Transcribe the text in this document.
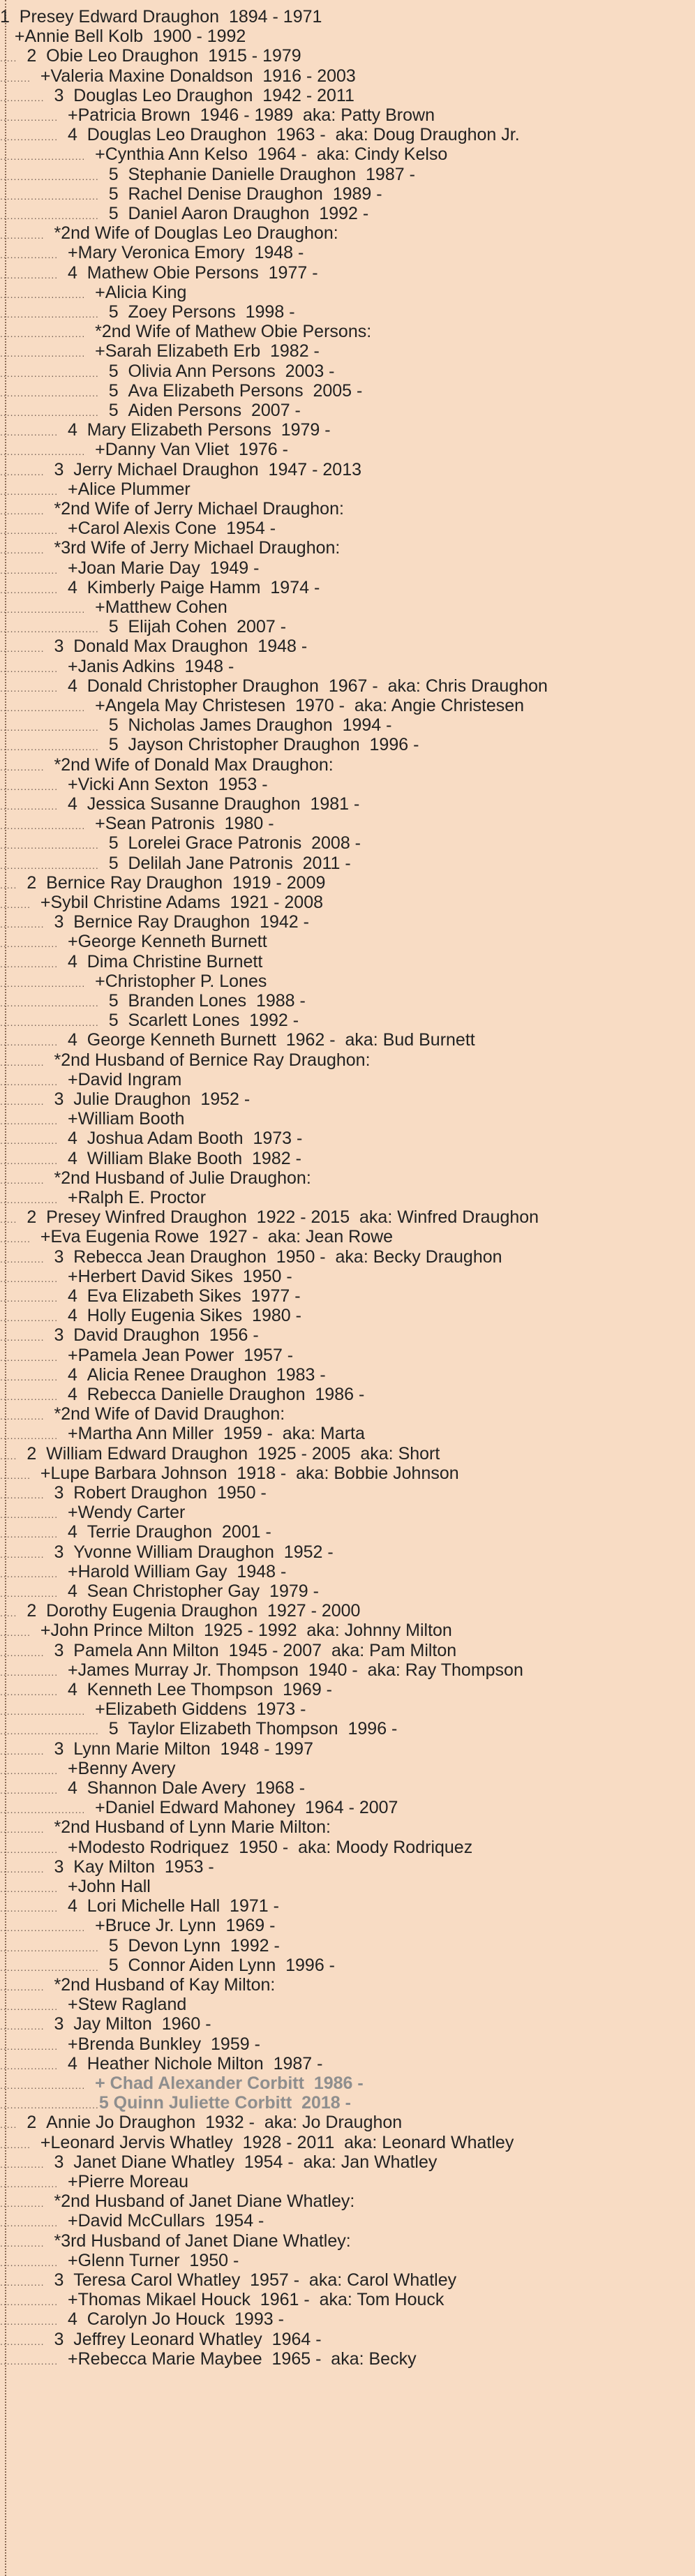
1  Presey Edward Draughon  1894 - 1971
+Annie Bell Kolb  1900 - 1992
.....  2  Obie Leo Draughon  1915 - 1979
.........  +Valeria Maxine Donaldson  1916 - 2003
.............  3  Douglas Leo Draughon  1942 - 2011
.................  +Patricia Brown  1946 - 1989  aka: Patty Brown
.................  4  Douglas Leo Draughon  1963 -  aka: Doug Draughon Jr.
.........................  +Cynthia Ann Kelso  1964 -  aka: Cindy Kelso
.............................  5  Stephanie Danielle Draughon  1987 -
.............................  5  Rachel Denise Draughon  1989 -
.............................  5  Daniel Aaron Draughon  1992 -
.............  *2nd Wife of Douglas Leo Draughon:
.................  +Mary Veronica Emory  1948 -
.................  4  Mathew Obie Persons  1977 -
.........................  +Alicia King
.............................  5  Zoey Persons  1998 -
.........................  *2nd Wife of Mathew Obie Persons:
.........................  +Sarah Elizabeth Erb  1982 -
.............................  5  Olivia Ann Persons  2003 -
.............................  5  Ava Elizabeth Persons  2005 -
.............................  5  Aiden Persons  2007 -
.................  4  Mary Elizabeth Persons  1979 -
.........................  +Danny Van Vliet  1976 -
.............  3  Jerry Michael Draughon  1947 - 2013
.................  +Alice Plummer
.............  *2nd Wife of Jerry Michael Draughon:
.................  +Carol Alexis Cone  1954 -
.............  *3rd Wife of Jerry Michael Draughon:
.................  +Joan Marie Day  1949 -
.................  4  Kimberly Paige Hamm  1974 -
.........................  +Matthew Cohen
.............................  5  Elijah Cohen  2007 -
.............  3  Donald Max Draughon  1948 -
.................  +Janis Adkins  1948 -
.................  4  Donald Christopher Draughon  1967 -  aka: Chris Draughon
.........................  +Angela May Christesen  1970 -  aka: Angie Christesen
.............................  5  Nicholas James Draughon  1994 -
.............................  5  Jayson Christopher Draughon  1996 -
.............  *2nd Wife of Donald Max Draughon:
.................  +Vicki Ann Sexton  1953 -
.................  4  Jessica Susanne Draughon  1981 -
.........................  +Sean Patronis  1980 -
.............................  5  Lorelei Grace Patronis  2008 -
.............................  5  Delilah Jane Patronis  2011 -
.....  2  Bernice Ray Draughon  1919 - 2009
.........  +Sybil Christine Adams  1921 - 2008
.............  3  Bernice Ray Draughon  1942 -
.................  +George Kenneth Burnett
.................  4  Dima Christine Burnett
.........................  +Christopher P. Lones
.............................  5  Branden Lones  1988 -
.............................  5  Scarlett Lones  1992 -
.................  4  George Kenneth Burnett  1962 -  aka: Bud Burnett
.............  *2nd Husband of Bernice Ray Draughon:
.................  +David Ingram
.............  3  Julie Draughon  1952 -
.................  +William Booth
.................  4  Joshua Adam Booth  1973 -
.................  4  William Blake Booth  1982 -
.............  *2nd Husband of Julie Draughon:
.................  +Ralph E. Proctor
.....  2  Presey Winfred Draughon  1922 - 2015  aka: Winfred Draughon
.........  +Eva Eugenia Rowe  1927 -  aka: Jean Rowe
.............  3  Rebecca Jean Draughon  1950 -  aka: Becky Draughon
.................  +Herbert David Sikes  1950 -
.................  4  Eva Elizabeth Sikes  1977 -
.................  4  Holly Eugenia Sikes  1980 -
.............  3  David Draughon  1956 -
.................  +Pamela Jean Power  1957 -
.................  4  Alicia Renee Draughon  1983 -
.................  4  Rebecca Danielle Draughon  1986 -
.............  *2nd Wife of David Draughon:
.................  +Martha Ann Miller  1959 -  aka: Marta
.....  2  William Edward Draughon  1925 - 2005  aka: Short
.........  +Lupe Barbara Johnson  1918 -  aka: Bobbie Johnson
.............  3  Robert Draughon  1950 -
.................  +Wendy Carter
.................  4  Terrie Draughon  2001 -
.............  3  Yvonne William Draughon  1952 -
.................  +Harold William Gay  1948 -
.................  4  Sean Christopher Gay  1979 -
.....  2  Dorothy Eugenia Draughon  1927 - 2000
.........  +John Prince Milton  1925 - 1992  aka: Johnny Milton
.............  3  Pamela Ann Milton  1945 - 2007  aka: Pam Milton
.................  +James Murray Jr. Thompson  1940 -  aka: Ray Thompson
.................  4  Kenneth Lee Thompson  1969 -
.........................  +Elizabeth Giddens  1973 -
.............................  5  Taylor Elizabeth Thompson  1996 -
.............  3  Lynn Marie Milton  1948 - 1997
.................  +Benny Avery
.................  4  Shannon Dale Avery  1968 -
.........................  +Daniel Edward Mahoney  1964 - 2007
.............  *2nd Husband of Lynn Marie Milton:
.................  +Modesto Rodriquez  1950 -  aka: Moody Rodriquez
.............  3  Kay Milton  1953 -
.................  +John Hall
.................  4  Lori Michelle Hall  1971 -
.........................  +Bruce Jr. Lynn  1969 -
.............................  5  Devon Lynn  1992 -
.............................  5  Connor Aiden Lynn  1996 -
.............  *2nd Husband of Kay Milton:
.................  +Stew Ragland
.............  3  Jay Milton  1960 -
.................  +Brenda Bunkley  1959 -
.................  4  Heather Nichole Milton  1987 -
.........................  + Chad Alexander Corbitt  1986 -
.............................5 Quinn Juliette Corbitt  2018 -
.....  2  Annie Jo Draughon  1932 -  aka: Jo Draughon
.........  +Leonard Jervis Whatley  1928 - 2011  aka: Leonard Whatley
.............  3  Janet Diane Whatley  1954 -  aka: Jan Whatley
.................  +Pierre Moreau
.............  *2nd Husband of Janet Diane Whatley:
.................  +David McCullars  1954 -
.............  *3rd Husband of Janet Diane Whatley:
.................  +Glenn Turner  1950 -
.............  3  Teresa Carol Whatley  1957 -  aka: Carol Whatley
.................  +Thomas Mikael Houck  1961 -  aka: Tom Houck
.................  4  Carolyn Jo Houck  1993 -
.............  3  Jeffrey Leonard Whatley  1964 -
.................  +Rebecca Marie Maybee  1965 -  aka: Becky
